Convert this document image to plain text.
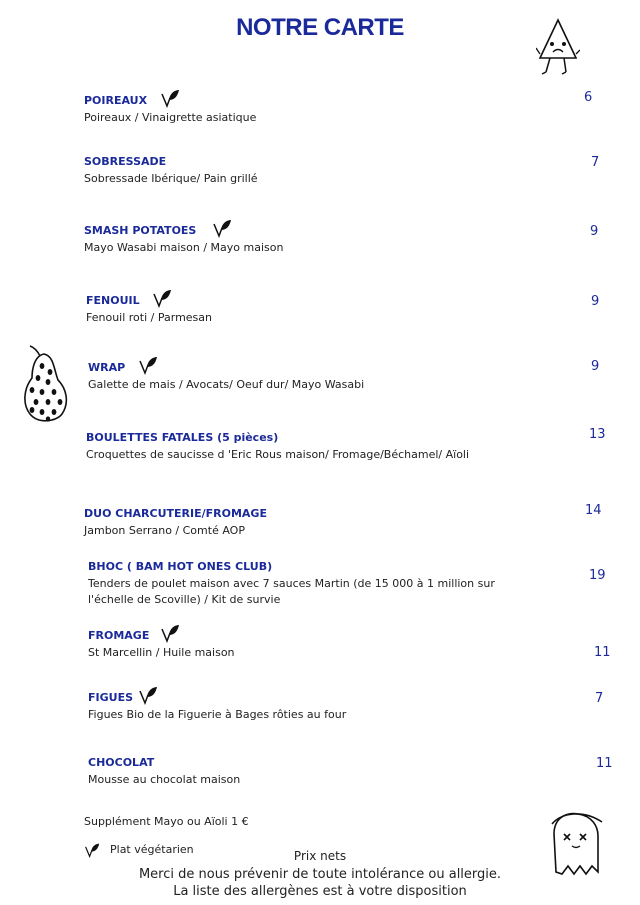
NOTRE CARTE
POIREAUX
Poireaux / Vinaigrette asiatique
6
SOBRESSADE
Sobressade Ibérique/ Pain grillé
7
SMASH POTATOES
Mayo Wasabi maison / Mayo maison
9
FENOUIL
Fenouil roti / Parmesan
9
WRAP
Galette de mais / Avocats/ Oeuf dur/ Mayo Wasabi
9
BOULETTES FATALES (5 pièces)
Croquettes de saucisse d 'Eric Rous maison/ Fromage/Béchamel/ Aïoli
13
DUO CHARCUTERIE/FROMAGE
Jambon Serrano / Comté AOP
14
BHOC ( BAM HOT ONES CLUB)
Tenders de poulet maison avec 7 sauces Martin (de 15 000 à 1 million sur
l'échelle de Scoville) / Kit de survie
19
FROMAGE
St Marcellin / Huile maison	11
FIGUES
Figues Bio de la Figuerie à Bages rôties au four
7
CHOCOLAT
Mousse au chocolat maison
11
Supplément Mayo ou Aïoli 1 €
Plat végétarien	Prix nets
Merci de nous prévenir de toute intolérance ou allergie.
La liste des allergènes est à votre disposition
